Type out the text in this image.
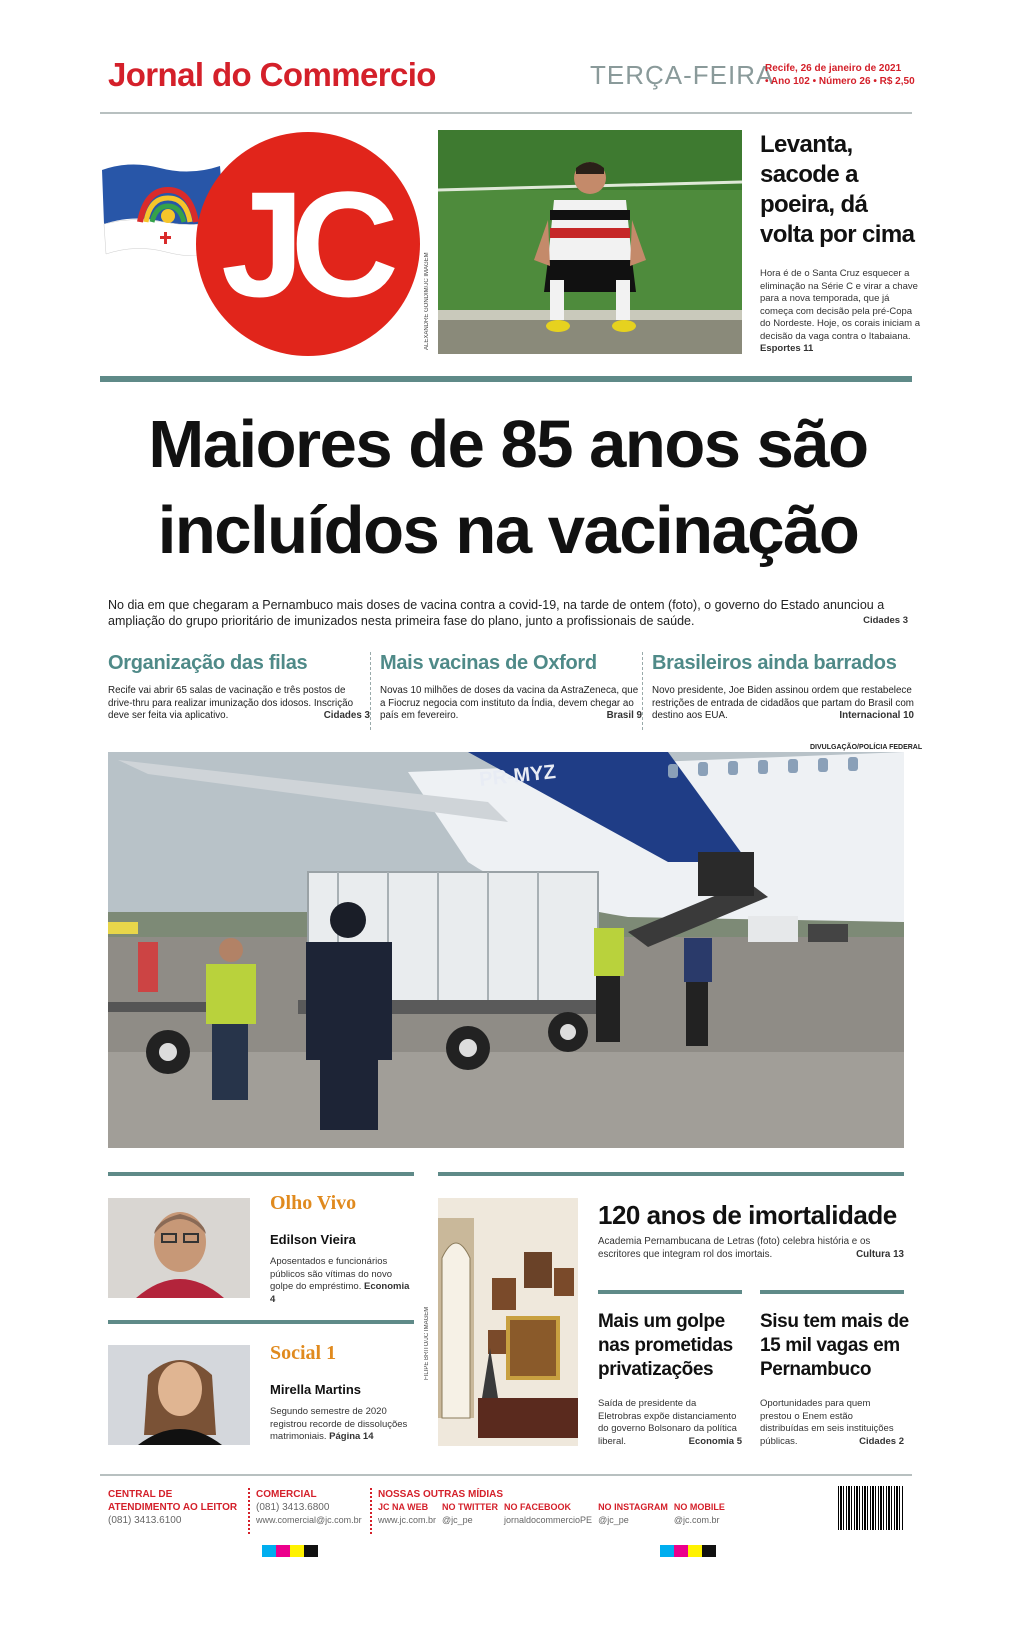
Jornal do Commercio	TERÇA-FEIRA
Recife, 26 de janeiro de 2021
• Ano 102 • Número 26 • R$ 2,50
JC	ALEXANDRE GONDIM/JC IMAGEM
Levanta, sacode a poeira, dá volta por cima
Hora é de o Santa Cruz esquecer a eliminação na Série C e virar a chave para a nova temporada, que já começa com decisão pela pré-Copa do Nordeste. Hoje, os corais iniciam a decisão da vaga contra o Itabaiana. Esportes 11
Maiores de 85 anos são
incluídos na vacinação
No dia em que chegaram a Pernambuco mais doses de vacina contra a covid-19, na tarde de ontem (foto), o governo do Estado anunciou a ampliação do grupo prioritário de imunizados nesta primeira fase do plano, junto a profissionais de saúde.	Cidades 3
Organização das filas
Recife vai abrir 65 salas de vacinação e três postos de drive-thru para realizar imunização dos idosos. Inscrição deve ser feita via aplicativo.	Cidades 3
Mais vacinas de Oxford
Novas 10 milhões de doses da vacina da AstraZeneca, que a Fiocruz negocia com instituto da Índia, devem chegar ao país em fevereiro.	Brasil 9
Brasileiros ainda barrados
Novo presidente, Joe Biden assinou ordem que restabelece restrições de entrada de cidadãos que partam do Brasil com destino aos EUA.	Internacional 10
DIVULGAÇÃO/POLÍCIA FEDERAL
PR-MYZ
Olho Vivo
Edilson Vieira
Aposentados e funcionários públicos são vítimas do novo golpe do empréstimo. Economia 4
Social 1
Mirella Martins
Segundo semestre de 2020 registrou recorde de dissoluções matrimoniais. Página 14
FILIPE BRITO/JC IMAGEM
120 anos de imortalidade
Academia Pernambucana de Letras (foto) celebra história e os escritores que integram rol dos imortais.	Cultura 13
Mais um golpe nas prometidas privatizações
Saída de presidente da Eletrobras expõe distanciamento do governo Bolsonaro da política liberal.	Economia 5
Sisu tem mais de 15 mil vagas em Pernambuco
Oportunidades para quem prestou o Enem estão distribuídas em seis instituições públicas.	Cidades 2
CENTRAL DE ATENDIMENTO AO LEITOR
(081) 3413.6100
COMERCIAL
(081) 3413.6800
www.comercial@jc.com.br
NOSSAS OUTRAS MÍDIAS
JC NA WEB
www.jc.com.br
NO TWITTER
@jc_pe
NO FACEBOOK
jornaldocommercioPE
NO INSTAGRAM
@jc_pe
NO MOBILE
@jc.com.br
